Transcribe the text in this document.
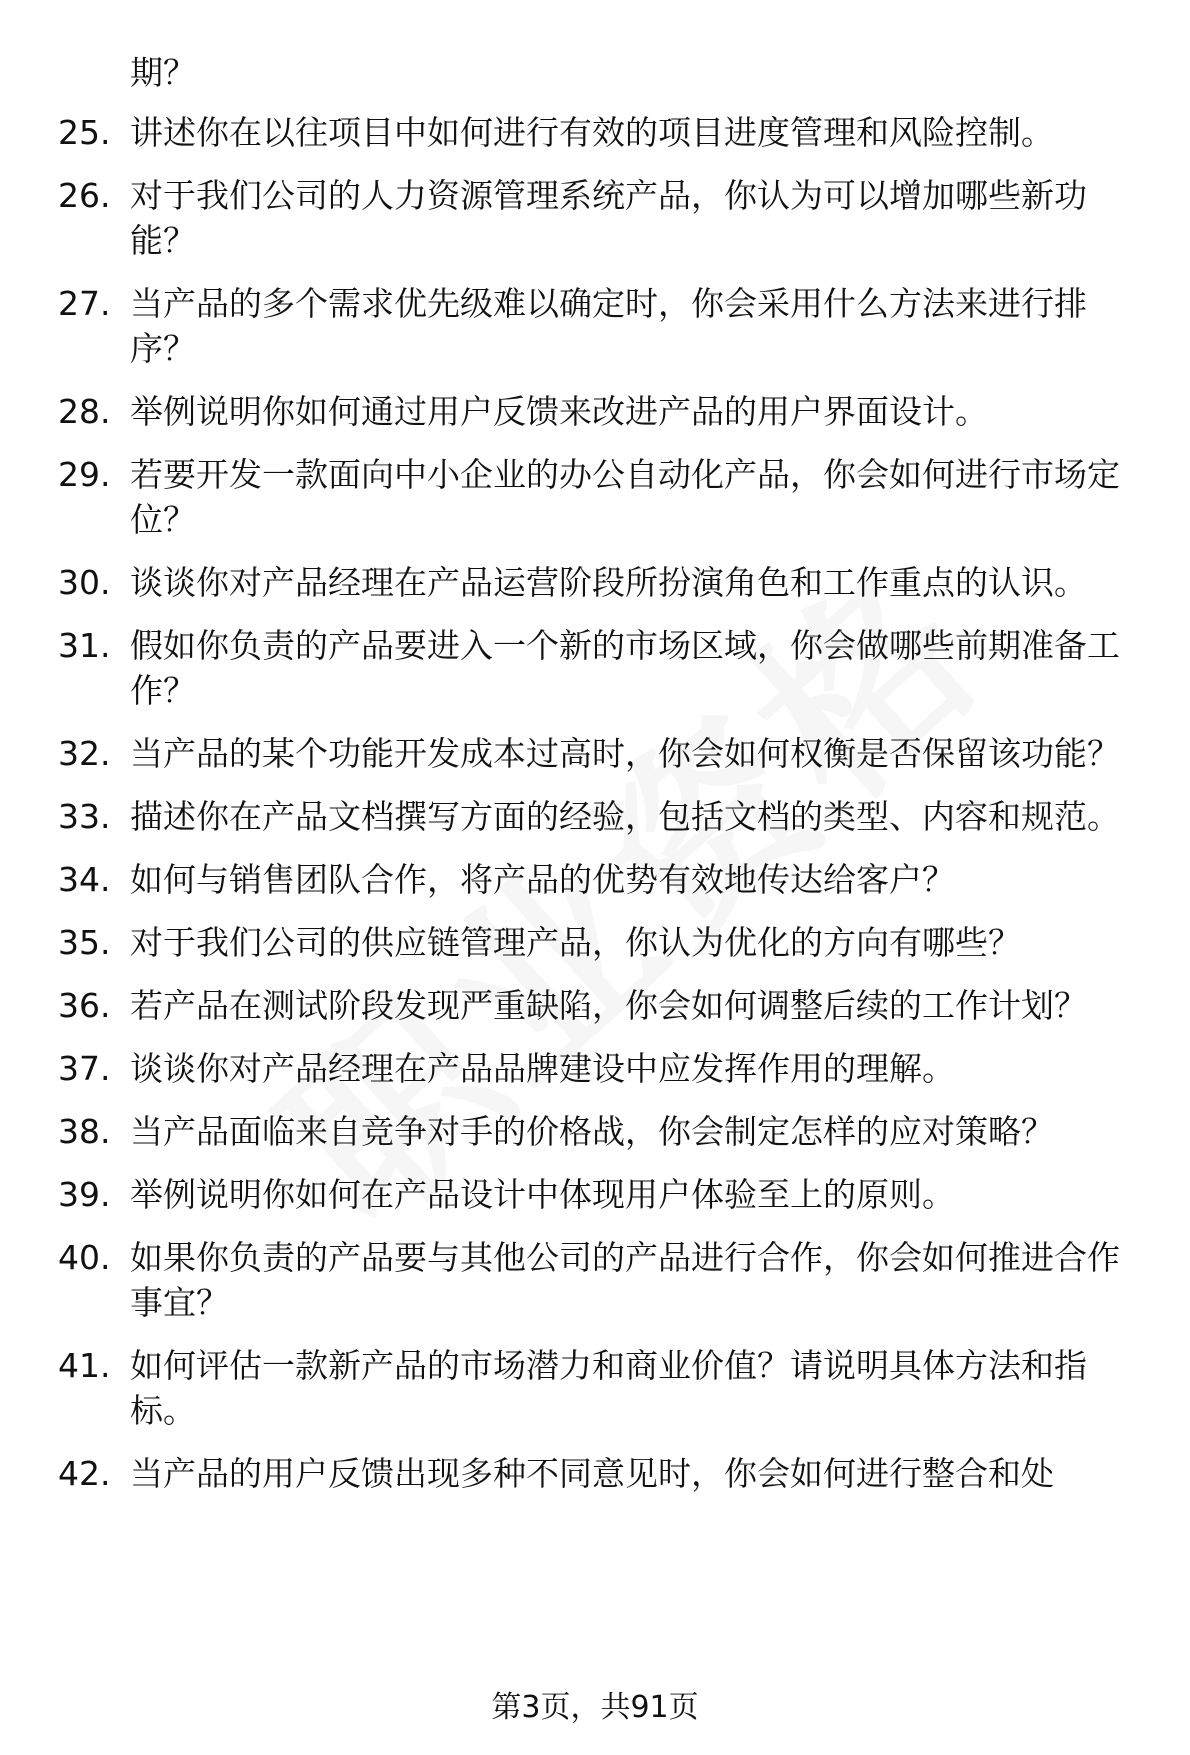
期？

25. 讲述你在以往项目中如何进行有效的项目进度管理和风险控制。
26. 对于我们公司的人力资源管理系统产品，你认为可以增加哪些新功能？
27. 当产品的多个需求优先级难以确定时，你会采用什么方法来进行排序？
28. 举例说明你如何通过用户反馈来改进产品的用户界面设计。
29. 若要开发一款面向中小企业的办公自动化产品，你会如何进行市场定位？
30. 谈谈你对产品经理在产品运营阶段所扮演角色和工作重点的认识。
31. 假如你负责的产品要进入一个新的市场区域，你会做哪些前期准备工作？
32. 当产品的某个功能开发成本过高时，你会如何权衡是否保留该功能？
33. 描述你在产品文档撰写方面的经验，包括文档的类型、内容和规范。
34. 如何与销售团队合作，将产品的优势有效地传达给客户？
35. 对于我们公司的供应链管理产品，你认为优化的方向有哪些？
36. 若产品在测试阶段发现严重缺陷，你会如何调整后续的工作计划？
37. 谈谈你对产品经理在产品品牌建设中应发挥作用的理解。
38. 当产品面临来自竞争对手的价格战，你会制定怎样的应对策略？
39. 举例说明你如何在产品设计中体现用户体验至上的原则。
40. 如果你负责的产品要与其他公司的产品进行合作，你会如何推进合作事宜？
41. 如何评估一款新产品的市场潜力和商业价值？请说明具体方法和指标。
42. 当产品的用户反馈出现多种不同意见时，你会如何进行整合和处
第3页，共91页
